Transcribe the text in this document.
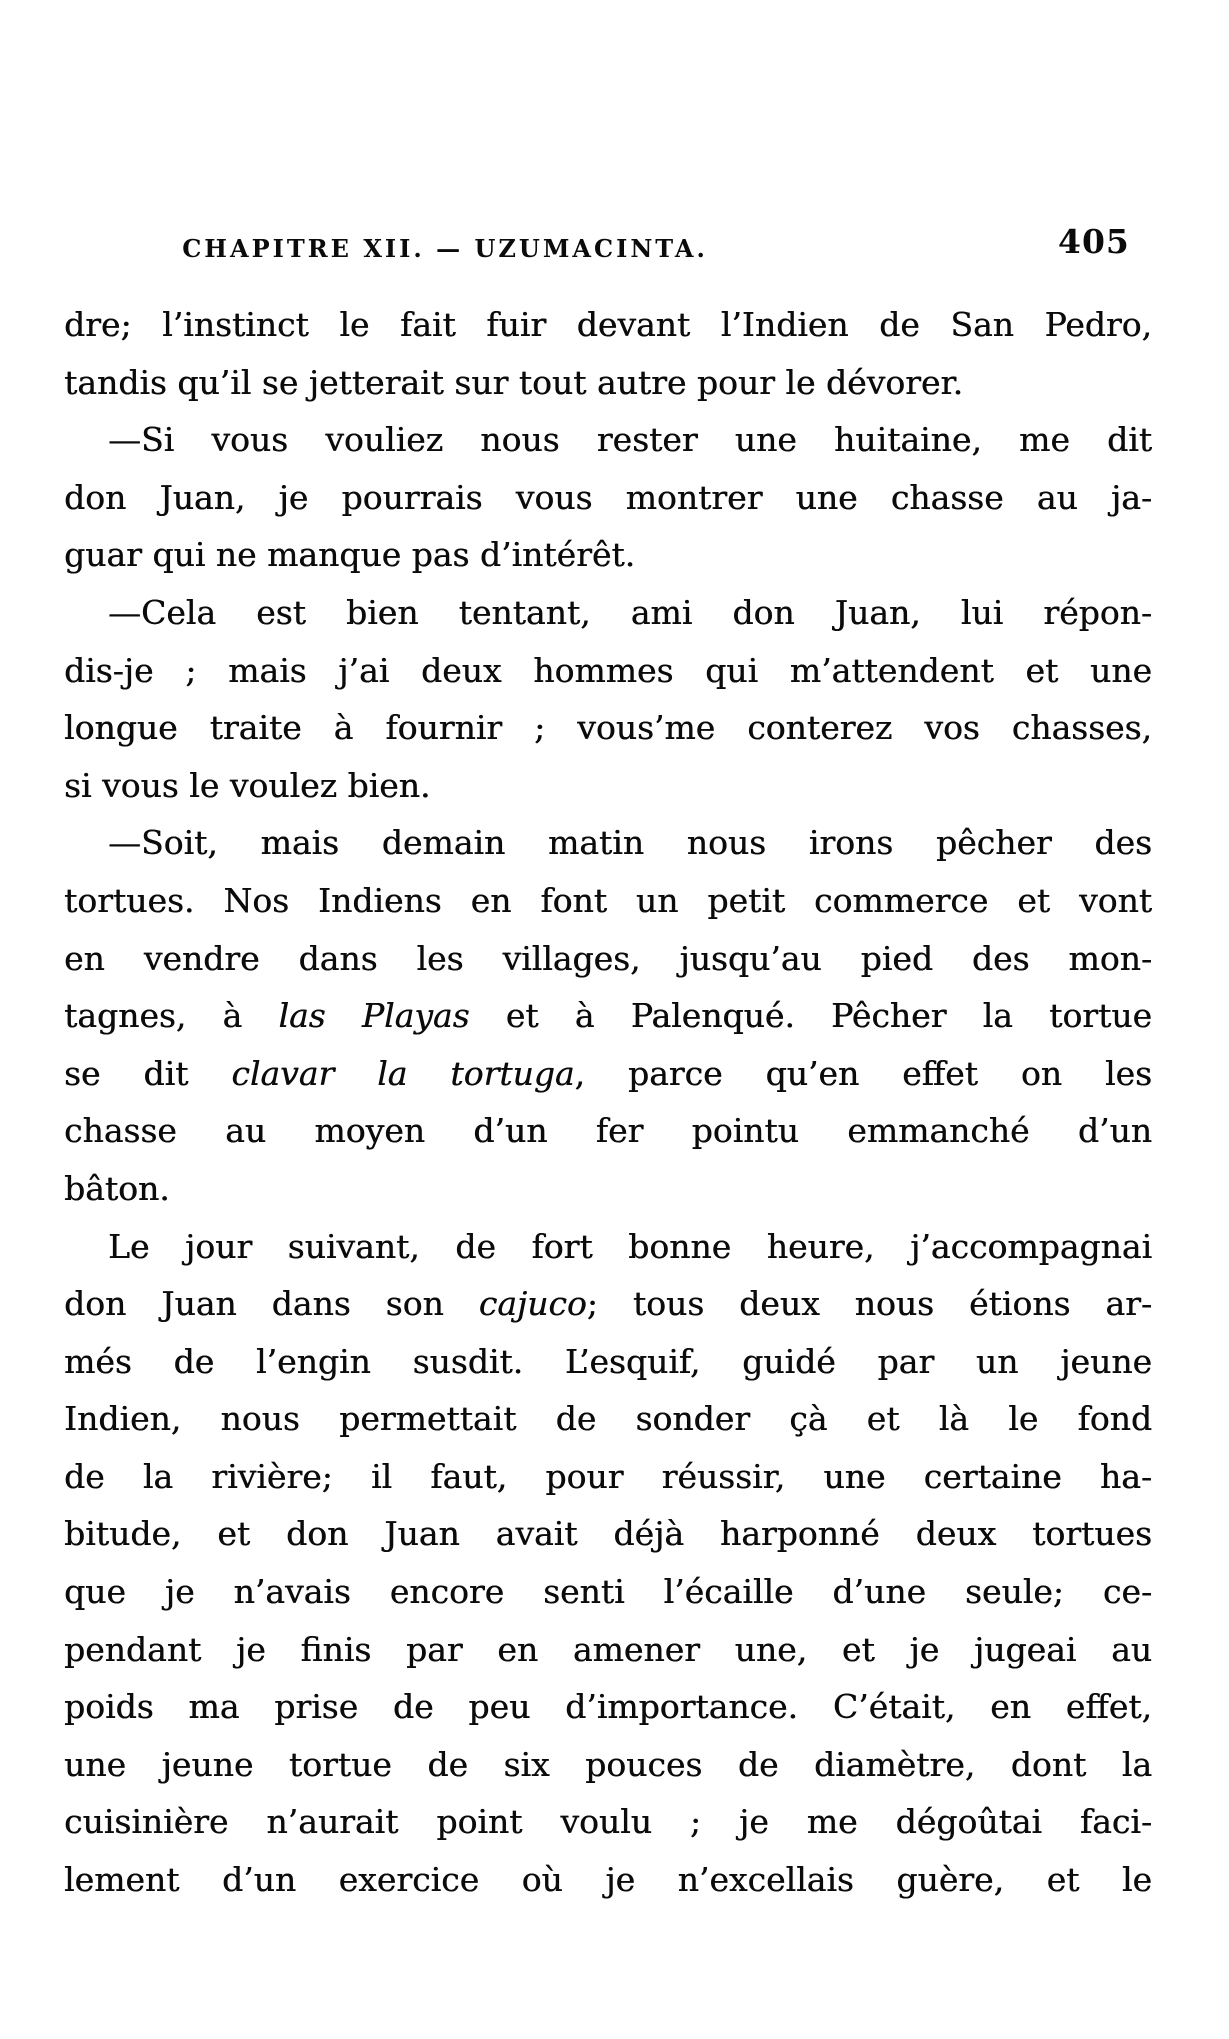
CHAPITRE XII. — UZUMACINTA.	405
dre; l’instinct le fait fuir devant l’Indien de San Pedro,
tandis qu’il se jetterait sur tout autre pour le dévorer.
—Si vous vouliez nous rester une huitaine, me dit
don Juan, je pourrais vous montrer une chasse au ja-
guar qui ne manque pas d’intérêt.
—Cela est bien tentant, ami don Juan, lui répon-
dis-je ; mais j’ai deux hommes qui m’attendent et une
longue traite à fournir ; vous’me conterez vos chasses,
si vous le voulez bien.
—Soit, mais demain matin nous irons pêcher des
tortues. Nos Indiens en font un petit commerce et vont
en vendre dans les villages, jusqu’au pied des mon-
tagnes, à las Playas et à Palenqué. Pêcher la tortue
se dit clavar la tortuga, parce qu’en effet on les
chasse au moyen d’un fer pointu emmanché d’un
bâton.
Le jour suivant, de fort bonne heure, j’accompagnai
don Juan dans son cajuco; tous deux nous étions ar-
més de l’engin susdit. L’esquif, guidé par un jeune
Indien, nous permettait de sonder çà et là le fond
de la rivière; il faut, pour réussir, une certaine ha-
bitude, et don Juan avait déjà harponné deux tortues
que je n’avais encore senti l’écaille d’une seule; ce-
pendant je finis par en amener une, et je jugeai au
poids ma prise de peu d’importance. C’était, en effet,
une jeune tortue de six pouces de diamètre, dont la
cuisinière n’aurait point voulu ; je me dégoûtai faci-
lement d’un exercice où je n’excellais guère, et le
